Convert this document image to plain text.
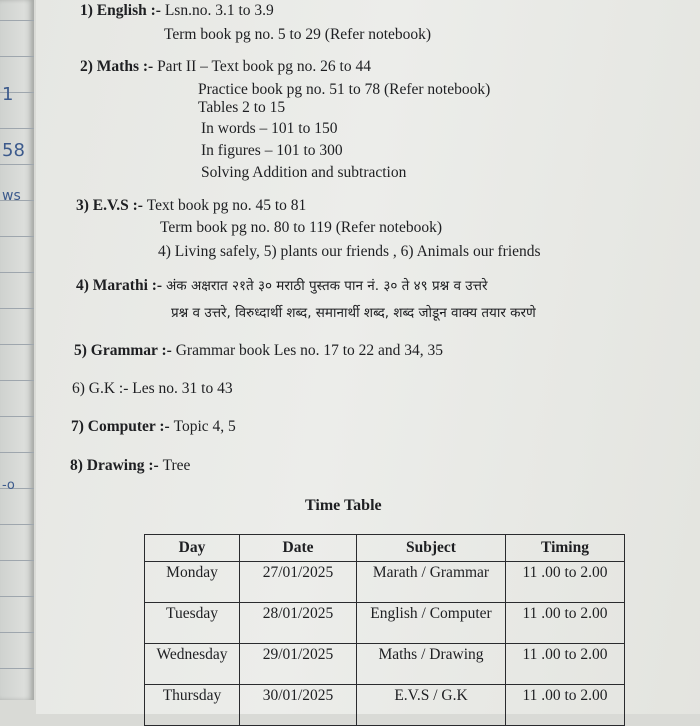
1
58
ws
-o
1) English :- Lsn.no. 3.1 to 3.9
Term book pg no. 5 to 29 (Refer notebook)
2) Maths :- Part II – Text book pg no. 26 to 44
Practice book pg no. 51 to 78 (Refer notebook)
Tables 2 to 15
In words – 101 to 150
In figures – 101 to 300
Solving Addition and subtraction
3) E.V.S :- Text book pg no. 45 to 81
Term book pg no. 80 to 119 (Refer notebook)
4) Living safely, 5) plants our friends , 6) Animals our friends
4) Marathi :- अंक अक्षरात २१ते ३० मराठी पुस्तक पान नं. ३० ते ४९ प्रश्न व उत्तरे
प्रश्न व उत्तरे, विरुध्दार्थी शब्द, समानार्थी शब्द, शब्द जोडून वाक्य तयार करणे
5) Grammar :- Grammar book Les no. 17 to 22 and 34, 35
6) G.K :- Les no. 31 to 43
7) Computer :- Topic 4, 5
8) Drawing :- Tree
Time Table
Day	Date	Subject	Timing
Monday	27/01/2025	Marath / Grammar	11 .00 to 2.00
Tuesday	28/01/2025	English / Computer	11 .00 to 2.00
Wednesday	29/01/2025	Maths / Drawing	11 .00 to 2.00
Thursday	30/01/2025	E.V.S / G.K	11 .00 to 2.00
